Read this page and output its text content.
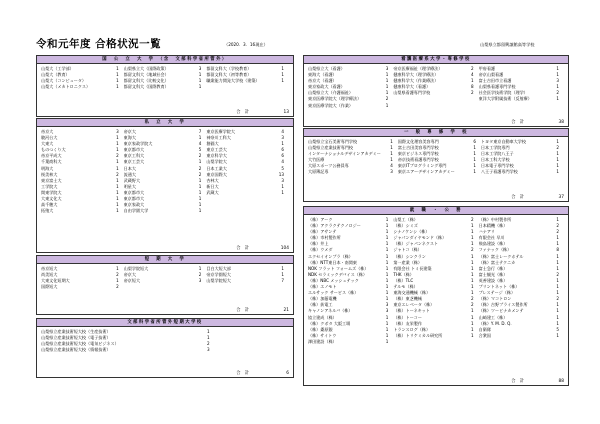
令和元年度 合格状況一覧	（2020．3．16現在）	山梨県立都留興譲館高等学校
国　公　立　大　学　（含　文部科学省所管外）
山梨大（工学部）	1
山梨大（教育）	1
山梨大（コンピュータ）	1
山梨大（メカトロニクス）	1
山梨県立大（国際政策）	3
都留文科大（地域社会）	1
都留文科大（比較文化）	1
都留文科大（国際教育）	1
都留文科大（学校教育）	1
都留文科大（初等教育）	1
職業能力開発大学校（建築）	1
合　計	13
私　立　大　学
帝京大	3
駿河台大	1
大東大	1
ものつくり大	1
帝京平成大	2
千葉商科大	1
明海大	1
桜美林大	2
東京富士大	1
工学院大	1
関東学院大	1
大東文化大	1
高千穂大	1
拓殖大	1
帝京大	7
東海大	1
東京家政学院大	4
東京都市大	5
東京工科大	2
東京工芸大	1
日本大	2
流通大	2
武蔵野大	1
明星大	1
東京都市大	1
東京都市大	1
東京家政大	1
自由学園大学	1
東京医療学院大	4
神奈川工科大	3
創価大	1
東京工芸大	6
東京科学大	6
山梨学院大	4
日本工業大	5
東京国際大	13
杏林大	3
新日大	1
武蔵大	1
合　計	104
短　期　大　学
帝京短大	1
尚美短大	2
大東文化短期大	1
国際短大	2
山梨学院短大	1
帝京大	2
帝京短大	3
目白大短大部	1
帝京学園短大	1
山梨学院短大	7
合　計	21
文部科学省所管外短期大学校
山梨県立産業技術短大校（生産技術）	1
山梨県立産業技術短大校（電子技術）	1
山梨県立産業技術短大校（電気ビジネス）	2
山梨県立産業技術短大校（情報技術）	3
合　計	6
看護医療系大学・専修学校
山梨県立大（看護）	3
東海大（看護）	1
帝京大（看護）	1
東京家政大（看護）	1
山梨県立大（介護福祉）	1
東京医療学院大（理学療法）	2
東京医療学院大（作業）	1
帝京医療福祉（理学療法）	2
健康科学大（理学療法）	4
健康科学大（作業療法）	1
健康科学大（看護）	8
山梨県看護専門学校	2
甲府看護	1
帝京山梨看護	1
富士吉田市立看護	3
山梨県看護専門学校	1
社会医学技術学院（理学）	2
東洋大学附属技術（反射療）	1
合　計	38
一　般　専　修　学　校
山梨県立宝石美術専門学校	1
山梨県立産業技術専門校	1
インターナショナルデザインアカデミー	1
大竹医療	1
大原スポーツ公務員専	4
大原簿記専	3
国際文化理容美容専門	6
富士吉田美容専門学校	1
東京ビジネス専門学校	1
帝京技術看護専門学校	1
東京ITプログラミング専門	1
東京エアーデザインアカデミー	1
トヨタ東京自動車大学校	1
日本工学院専門	2
日本工学院八王子	1
日本工科大学校	1
日本電子専門学校	1
八王子看護専門学校	1
合　計	37
就　職　・　公　務
（株）アーク	1
（株）アクラクテクノロジー	1
（株）アサンテ	1
（株）市村製作所	1
（株）井上	1
（株）ウメダ	1
エクセイオンプラ（株）	1
（株）NTT東日本・南関東	1
NOK フラット フォームズ（株）	1
NDK セラミックデバイス（株）	1
（株）NBC メッシュテック	1
（株）エノモト	1
エルサック サービス（株）	1
（株）加藤電機	1
（株）荻電工	3
キャノンアネルバ（株）	3
協立建成（株）	1
（株）クボタ 大阪工場	1
（株）桑原銀	1
（株）サイトウ	1
澤田建設（株）	1
山梨工（株）	2
（株）シミズ	1
シナノケンシ（株）	1
ジャパンダイヤモンド（株）	1
（株）ジャパンネクスト	1
ジャトコ（株）	2
（株）シンクラン	1
第一産業（株）	1
有限会社 トミ長建築	1
THK（株）	1
（株）TLC	1
テルモ（株）	1
東海交通機械（株）	1
（株）東芝機械	2
東京エレベータ（株）	2
（株）トーネキット	1
（株）トーコー	1
（株）友栄製作	1
トランスログ（株）	1
（株）トリケミカル研究所	1
（株）中村製作所	1
日本精機（株）	2
ハナアリ	2
有限会社 早川	1
飛鳥建設（株）	1
ファナック（株）	8
（株）富士レークホテル	1
（株）富士テクニカ	1
富士急行（株）	1
富士観光（株）	2
英善建設（株）	1
プリントネット（株）	1
プレステージ（株）	1
（株）マコトロン	2
（株）吉野プライス製作所	1
（株）ツーピナカメンテ	1
山崎建工（株）	1
（株）Y. M. D. Q.	1
自衛隊	5
合衆国	1
合　計	88
